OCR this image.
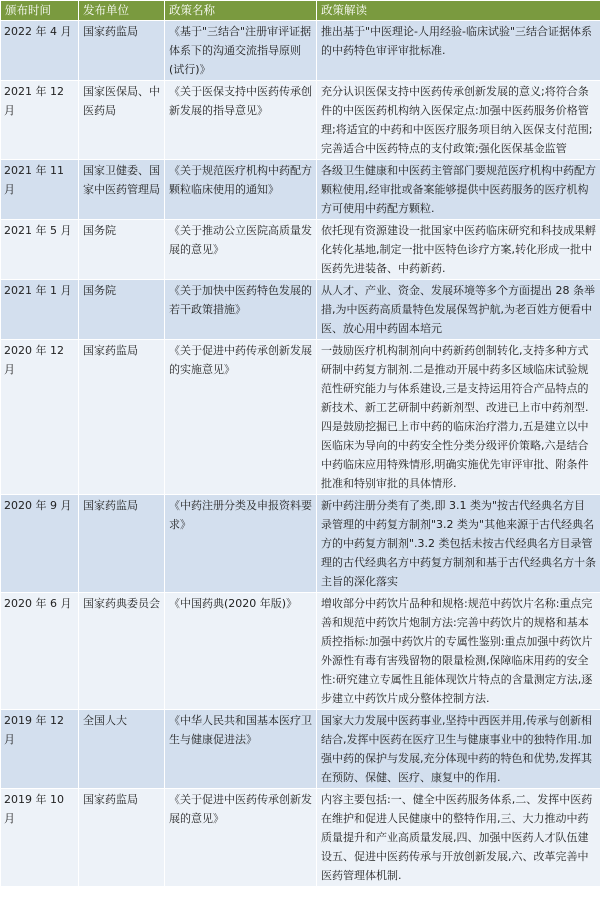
颁布时间	发布单位	政策名称	政策解读
2022 年 4 月	国家药监局	《基于"三结合"注册审评证据体系下的沟通交流指导原则(试行)》	推出基于"中医理论-人用经验-临床试验"三结合证据体系的中药特色审评审批标准.
2021 年 12 月	国家医保局、中医药局	《关于医保支持中医药传承创新发展的指导意见》	充分认识医保支持中医药传承创新发展的意义;将符合条件的中医医药机构纳入医保定点:加强中医药服务价格管理;将适宜的中药和中医医疗服务项目纳入医保支付范围;完善适合中医药特点的支付政策;强化医保基金监管
2021 年 11 月	国家卫健委、国家中医药管理局	《关于规范医疗机构中药配方颗粒临床使用的通知》	各级卫生健康和中医药主管部门要规范医疗机构中药配方颗粒使用,经审批或备案能够提供中医药服务的医疗机构方可使用中药配方颗粒.
2021 年 5 月	国务院	《关于推动公立医院高质量发展的意见》	依托现有资源建设一批国家中医药临床研究和科技成果孵化转化基地,制定一批中医特色诊疗方案,转化形成一批中医药先进装备、中药新药.
2021 年 1 月	国务院	《关于加快中医药特色发展的若干政策措施》	从人才、产业、资金、发展环境等多个方面提出 28 条举措,为中医药高质量特色发展保驾护航,为老百姓方便看中医、放心用中药固本培元
2020 年 12 月	国家药监局	《关于促进中药传承创新发展的实施意见》	一鼓励医疗机构制剂向中药新药创制转化,支持多种方式研制中药复方制剂.二是推动开展中药多区域临床试验规范性研究能力与体系建设,三是支持运用符合产品特点的新技术、新工艺研制中药新剂型、改进已上市中药剂型.四是鼓励挖掘已上市中药的临床治疗潜力,五是建立以中医临床为导向的中药安全性分类分级评价策略,六是结合中药临床应用特殊情形,明确实施优先审评审批、附条件批准和特别审批的具体情形.
2020 年 9 月	国家药监局	《中药注册分类及申报资料要求》	新中药注册分类有了类,即 3.1 类为"按古代经典名方目录管理的中药复方制剂"3.2 类为"其他来源于古代经典名方的中药复方制剂".3.2 类包括未按古代经典名方目录管理的古代经典名方中药复方制剂和基于古代经典名方十条主旨的深化落实
2020 年 6 月	国家药典委员会	《中国药典(2020 年版)》	增收部分中药饮片品种和规格:规范中药饮片名称:重点完善和规范中药饮片炮制方法:完善中药饮片的规格和基本质控指标:加强中药饮片的专属性鉴别:重点加强中药饮片外源性有毒有害残留物的限量检测,保障临床用药的安全性:研究建立专属性且能体现饮片特点的含量测定方法,逐步建立中药饮片成分整体控制方法.
2019 年 12 月	全国人大	《中华人民共和国基本医疗卫生与健康促进法》	国家大力发展中医药事业,坚持中西医并用,传承与创新相结合,发挥中医药在医疗卫生与健康事业中的独特作用.加强中药的保护与发展,充分体现中药的特色和优势,发挥其在预防、保健、医疗、康复中的作用.
2019 年 10 月	国家药监局	《关于促进中医药传承创新发展的意见》	内容主要包括:一、健全中医药服务体系,二、发挥中医药在维护和促进人民健康中的整特作用,三、大力推动中药质量提升和产业高质量发展,四、加强中医药人才队伍建设五、促进中医药传承与开放创新发展,六、改革完善中医药管理体机制.
